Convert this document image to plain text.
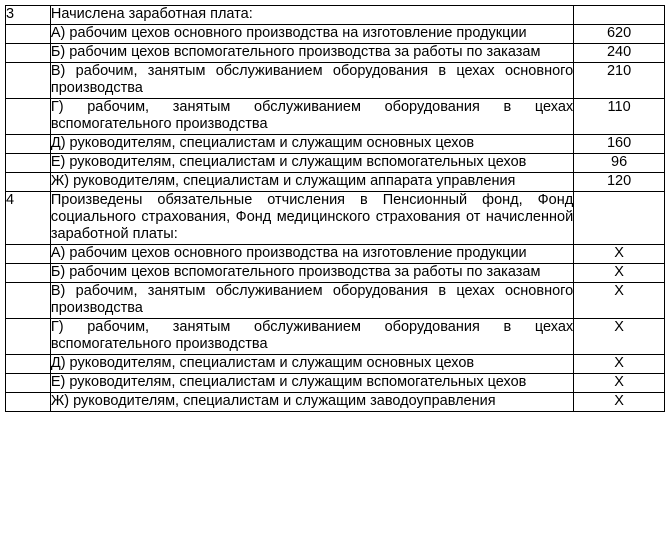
3	Начислена заработная плата:	
	А) рабочим цехов основного производства на изготовление продукции	620
	Б) рабочим цехов вспомогательного производства за работы по заказам	240
	В) рабочим, занятым обслуживанием оборудования в цехах основного производства	210
	Г) рабочим, занятым обслуживанием оборудования в цехах вспомогательного производства	110
	Д) руководителям, специалистам и служащим основных цехов	160
	Е) руководителям, специалистам и служащим вспомогательных цехов	96
	Ж) руководителям, специалистам и служащим аппарата управления	120
4	Произведены обязательные отчисления в Пенсионный фонд, Фонд социального страхования, Фонд медицинского страхования от начисленной заработной платы:	
	А) рабочим цехов основного производства на изготовление продукции	Х
	Б) рабочим цехов вспомогательного производства за работы по заказам	Х
	В) рабочим, занятым обслуживанием оборудования в цехах основного производства	Х
	Г) рабочим, занятым обслуживанием оборудования в цехах вспомогательного производства	Х
	Д) руководителям, специалистам и служащим основных цехов	Х
	Е) руководителям, специалистам и служащим вспомогательных цехов	Х
	Ж) руководителям, специалистам и служащим заводоуправления	Х
